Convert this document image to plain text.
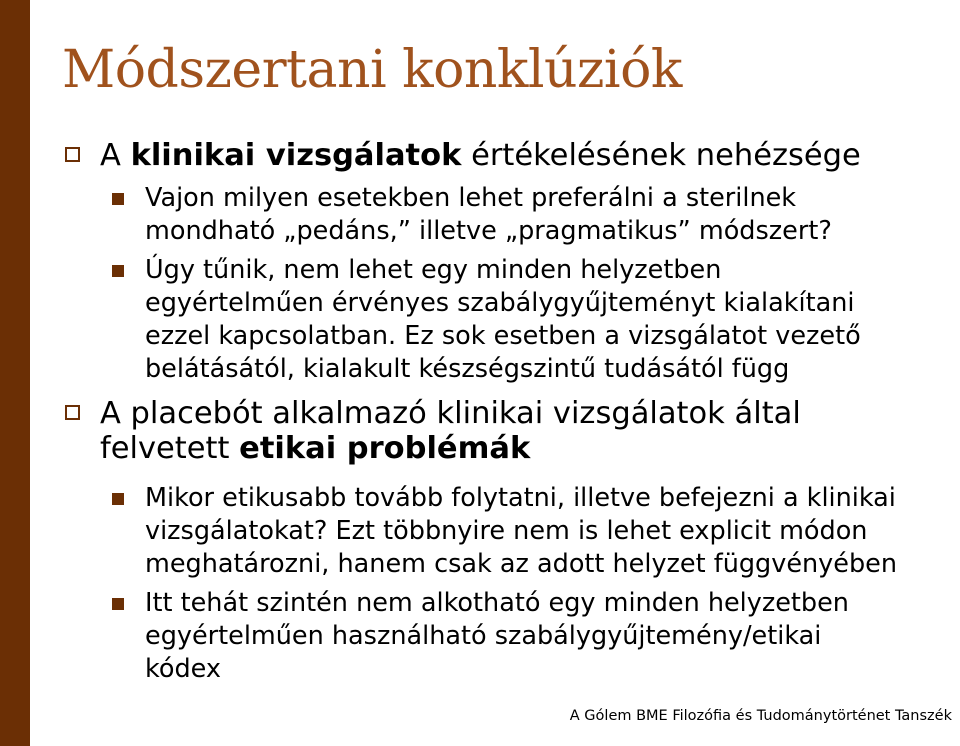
Módszertani konklúziók
A klinikai vizsgálatok értékelésének nehézsége
Vajon milyen esetekben lehet preferálni a sterilnek
mondható „pedáns,” illetve „pragmatikus” módszert?
Úgy tűnik, nem lehet egy minden helyzetben
egyértelműen érvényes szabálygyűjteményt kialakítani
ezzel kapcsolatban. Ez sok esetben a vizsgálatot vezető
belátásától, kialakult készségszintű tudásától függ
A placebót alkalmazó klinikai vizsgálatok által
felvetett etikai problémák
Mikor etikusabb tovább folytatni, illetve befejezni a klinikai
vizsgálatokat? Ezt többnyire nem is lehet explicit módon
meghatározni, hanem csak az adott helyzet függvényében
Itt tehát szintén nem alkotható egy minden helyzetben
egyértelműen használható szabálygyűjtemény/etikai
kódex
A Gólem BME Filozófia és Tudománytörténet Tanszék
